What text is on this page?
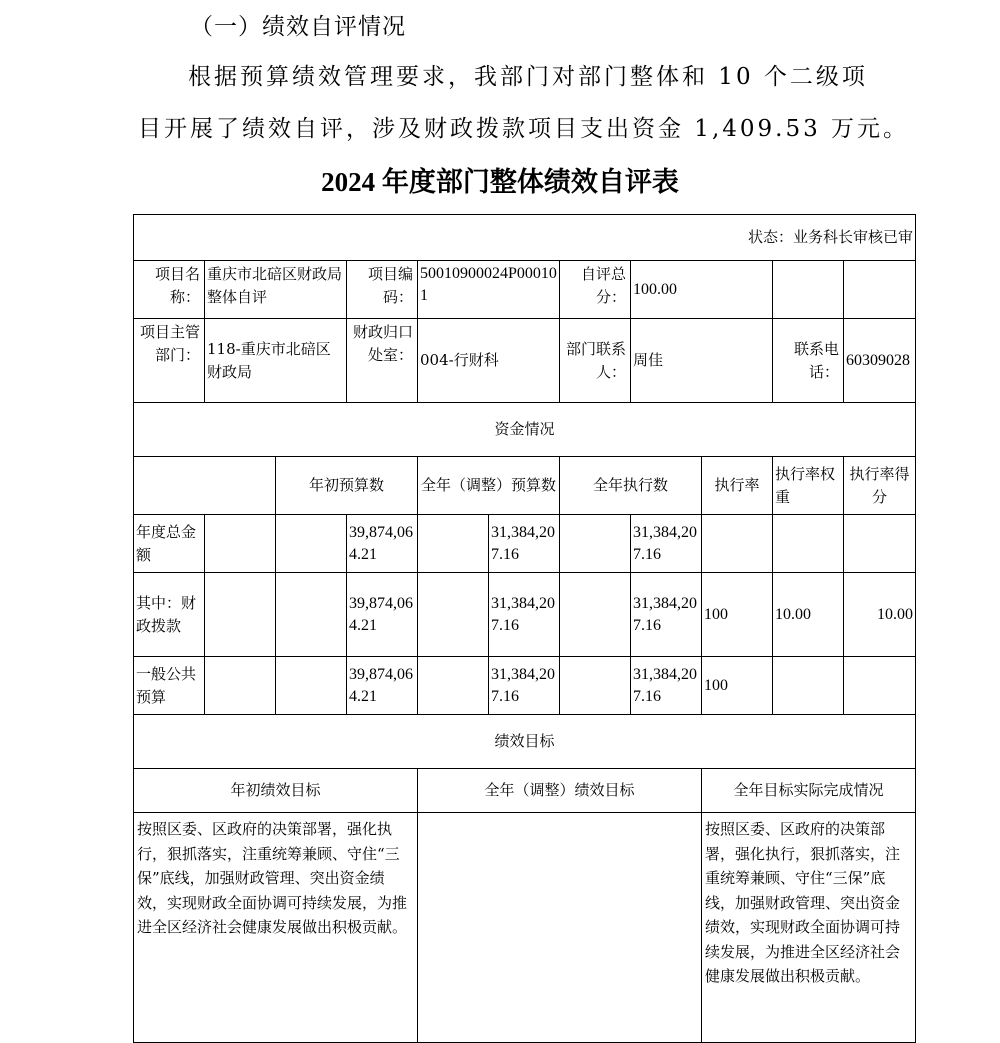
（一）绩效自评情况
根据预算绩效管理要求，我部门对部门整体和 10 个二级项
目开展了绩效自评，涉及财政拨款项目支出资金 1,409.53 万元。
2024 年度部门整体绩效自评表
状态：业务科长审核已审										
项目名称：	重庆市北碚区财政局整体自评		项目编码：	50010900024P000101		自评总分：	100.00			
项目主管部门：	118-重庆市北碚区财政局		财政归口处室：	004-行财科		部门联系人：	周佳		联系电话：	60309028
资金情况										
		年初预算数		全年（调整）预算数		全年执行数		执行率	执行率权重	执行率得分
年度总金额			39,874,064.21		31,384,207.16		31,384,207.16			
其中：财政拨款			39,874,064.21		31,384,207.16		31,384,207.16	100	10.00	10.00
一般公共预算			39,874,064.21		31,384,207.16		31,384,207.16	100		
绩效目标										
年初绩效目标				全年（调整）绩效目标				全年目标实际完成情况		
按照区委、区政府的决策部署，强化执行，狠抓落实，注重统筹兼顾、守住“三保”底线，加强财政管理、突出资金绩效，实现财政全面协调可持续发展，为推进全区经济社会健康发展做出积极贡献。								按照区委、区政府的决策部署，强化执行，狠抓落实，注重统筹兼顾、守住“三保”底线，加强财政管理、突出资金绩效，实现财政全面协调可持续发展，为推进全区经济社会健康发展做出积极贡献。		
